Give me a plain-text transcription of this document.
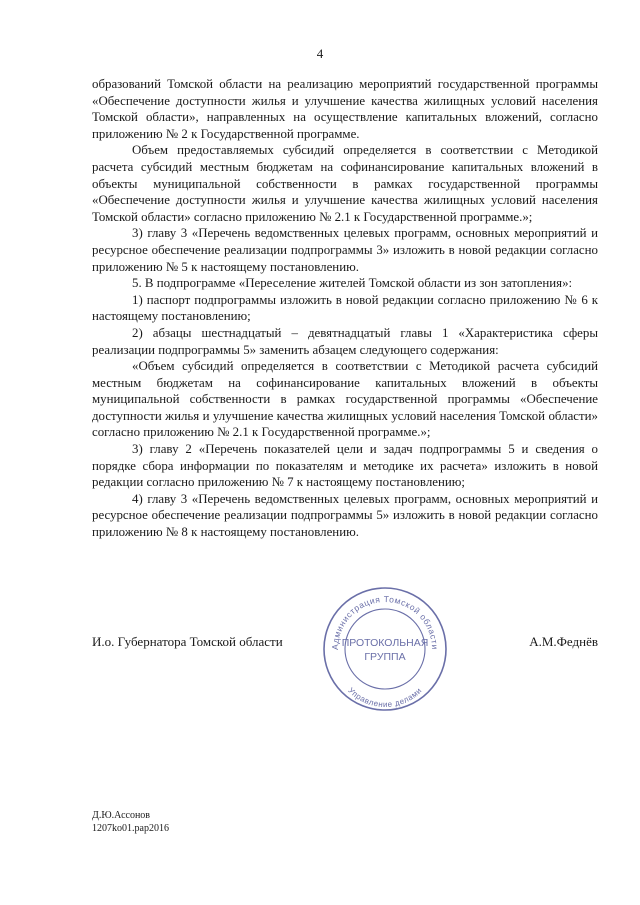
4

образований Томской области на реализацию мероприятий государственной программы «Обеспечение доступности жилья и улучшение качества жилищных условий населения Томской области», направленных на осуществление капитальных вложений, согласно приложению № 2 к Государственной программе.

Объем предоставляемых субсидий определяется в соответствии с Методикой расчета субсидий местным бюджетам на софинансирование капитальных вложений в объекты муниципальной собственности в рамках государственной программы «Обеспечение доступности жилья и улучшение качества жилищных условий населения Томской области» согласно приложению № 2.1 к Государственной программе.»;

3) главу 3 «Перечень ведомственных целевых программ, основных мероприятий и ресурсное обеспечение реализации подпрограммы 3» изложить в новой редакции согласно приложению № 5 к настоящему постановлению.

5. В подпрограмме «Переселение жителей Томской области из зон затопления»:

1) паспорт подпрограммы изложить в новой редакции согласно приложению № 6 к настоящему постановлению;

2) абзацы шестнадцатый – девятнадцатый главы 1 «Характеристика сферы реализации подпрограммы 5» заменить абзацем следующего содержания:

«Объем субсидий определяется в соответствии с Методикой расчета субсидий местным бюджетам на софинансирование капитальных вложений в объекты муниципальной собственности в рамках государственной программы «Обеспечение доступности жилья и улучшение качества жилищных условий населения Томской области» согласно приложению № 2.1 к Государственной программе.»;

3) главу 2 «Перечень показателей цели и задач подпрограммы 5 и сведения о порядке сбора информации по показателям и методике их расчета» изложить в новой редакции согласно приложению № 7 к настоящему постановлению;

4) главу 3 «Перечень ведомственных целевых программ, основных мероприятий и ресурсное обеспечение реализации подпрограммы 5» изложить в новой редакции согласно приложению № 8 к настоящему постановлению.

Администрация Томской области
Управление делами
ПРОТОКОЛЬНАЯ
ГРУППА
И.о. Губернатора Томской области	А.М.Феднёв
Д.Ю.Ассонов
1207ko01.pap2016
